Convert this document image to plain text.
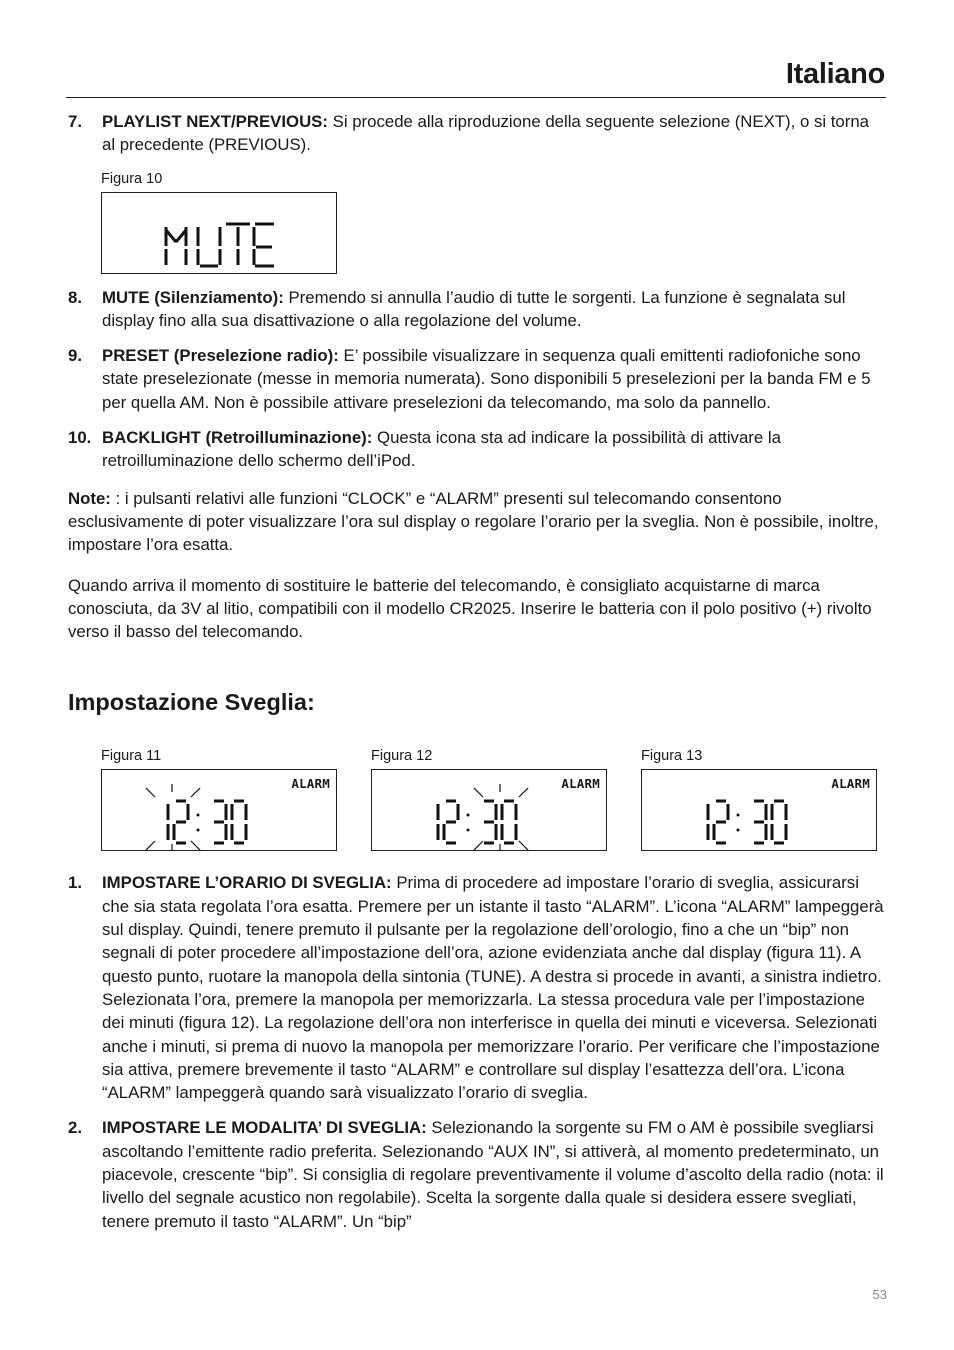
Italiano
7. PLAYLIST NEXT/PREVIOUS: Si procede alla riproduzione della seguente selezione (NEXT), o si torna al precedente (PREVIOUS).
Figura 10
8. MUTE (Silenziamento): Premendo si annulla l’audio di tutte le sorgenti. La funzione è segnalata sul display fino alla sua disattivazione o alla regolazione del volume.
9. PRESET (Preselezione radio): E’ possibile visualizzare in sequenza quali emittenti radiofoniche sono state preselezionate (messe in memoria numerata). Sono disponibili 5 preselezioni per la banda FM e 5 per quella AM. Non è possibile attivare preselezioni da telecomando, ma solo da pannello.
10. BACKLIGHT (Retroilluminazione): Questa icona sta ad indicare la possibilità di attivare la retroilluminazione dello schermo dell’iPod.
Note: : i pulsanti relativi alle funzioni “CLOCK” e “ALARM” presenti sul telecomando consentono esclusivamente di poter visualizzare l’ora sul display o regolare l’orario per la sveglia. Non è possibile, inoltre, impostare l’ora esatta.
Quando arriva il momento di sostituire le batterie del telecomando, è consigliato acquistarne di marca conosciuta, da 3V al litio, compatibili con il modello CR2025. Inserire le batteria con il polo positivo (+) rivolto verso il basso del telecomando.
Impostazione Sveglia:
Figura 11
ALARM
Figura 12
ALARM
Figura 13
ALARM
1. IMPOSTARE L’ORARIO DI SVEGLIA: Prima di procedere ad impostare l’orario di sveglia, assicurarsi che sia stata regolata l’ora esatta. Premere per un istante il tasto “ALARM”. L’icona “ALARM” lampeggerà sul display. Quindi, tenere premuto il pulsante per la regolazione dell’orologio, fino a che un “bip” non segnali di poter procedere all’impostazione dell’ora, azione evidenziata anche dal display (figura 11). A questo punto, ruotare la manopola della sintonia (TUNE). A destra si procede in avanti, a sinistra indietro. Selezionata l’ora, premere la manopola per memorizzarla. La stessa procedura vale per l’impostazione dei minuti (figura 12). La regolazione dell’ora non interferisce in quella dei minuti e viceversa. Selezionati anche i minuti, si prema di nuovo la manopola per memorizzare l’orario. Per verificare che l’impostazione sia attiva, premere brevemente il tasto “ALARM” e controllare sul display l’esattezza dell’ora. L’icona “ALARM” lampeggerà quando sarà visualizzato l’orario di sveglia.
2. IMPOSTARE LE MODALITA’ DI SVEGLIA: Selezionando la sorgente su FM o AM è possibile svegliarsi ascoltando l’emittente radio preferita. Selezionando “AUX IN”, si attiverà, al momento predeterminato, un piacevole, crescente “bip”. Si consiglia di regolare preventivamente il volume d’ascolto della radio (nota: il livello del segnale acustico non regolabile). Scelta la sorgente dalla quale si desidera essere svegliati, tenere premuto il tasto “ALARM”. Un “bip”
53
